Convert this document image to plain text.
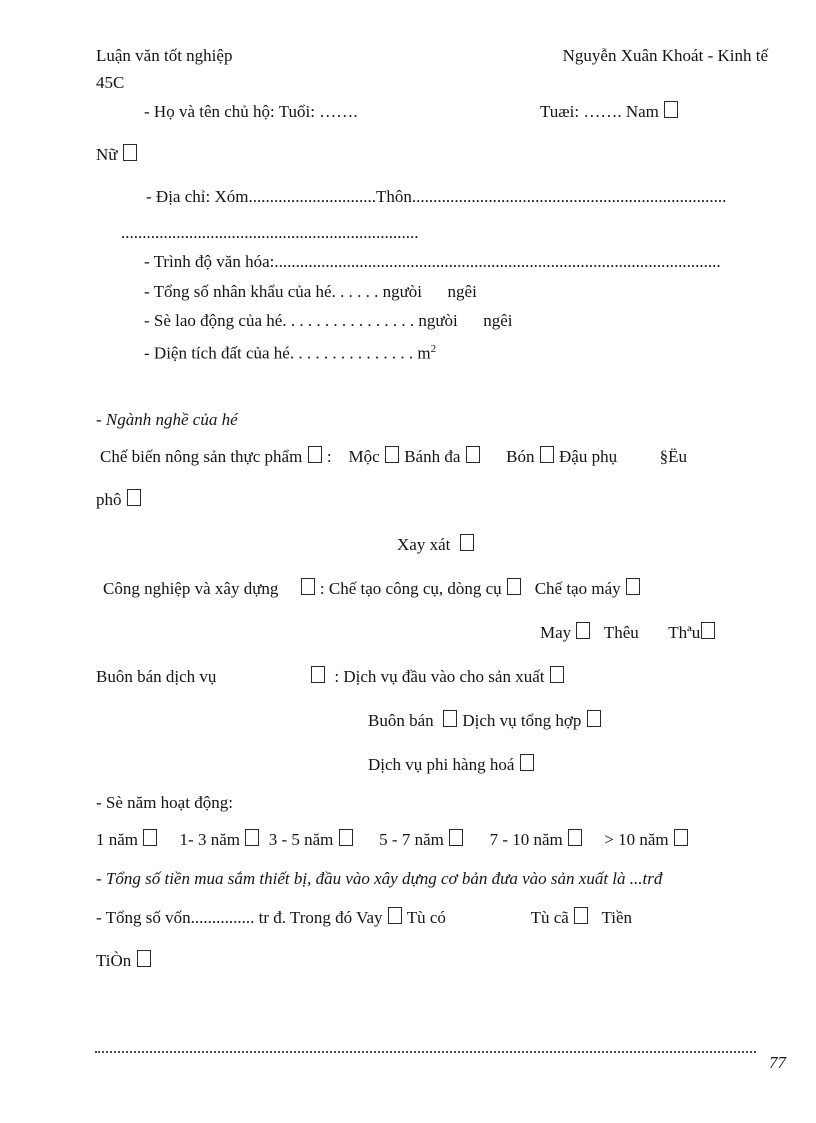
Luận văn tốt nghiệp	Nguyễn Xuân Khoát - Kinh tế
45C
- Họ và tên chủ hộ: Tuổi: …….	Tuæi: ……. Nam
Nữ
- Địa chỉ: Xóm..............................Thôn..........................................................................
......................................................................
- Trình độ văn hóa:.........................................................................................................
- Tổng số nhân khẩu của hé. . . . . . ngưòi      ngêi
- Sè lao động của hé. . . . . . . . . . . . . . . . ngưòi      ngêi
- Diện tích đất của hé. . . . . . . . . . . . . . . $m^2$
- Ngành nghề của hé
Chế biến nông sản thực phẩm  :    Mộc  Bánh đa       Bón  Đậu phụ          §Ëu
phô
Xay xát
Công nghiệp và xây dựng      : Chế tạo công cụ, dòng cụ    Chế tạo máy
May    Thêu       Thªu
Buôn bán dịch vụ                        : Dịch vụ đầu vào cho sản xuất
Buôn bán   Dịch vụ tổng hợp
Dịch vụ phi hàng hoá
- Sè năm hoạt động:
1 năm      1- 3 năm   3 - 5 năm       5 - 7 năm       7 - 10 năm      > 10 năm
- Tổng số tiền mua sắm thiết bị, đầu vào xây dựng cơ bản đưa vào sản xuất là ...trđ
- Tổng số vốn............... tr đ. Trong đó Vay  Tù có                    Tù cã    Tiền
TiÒn
77
